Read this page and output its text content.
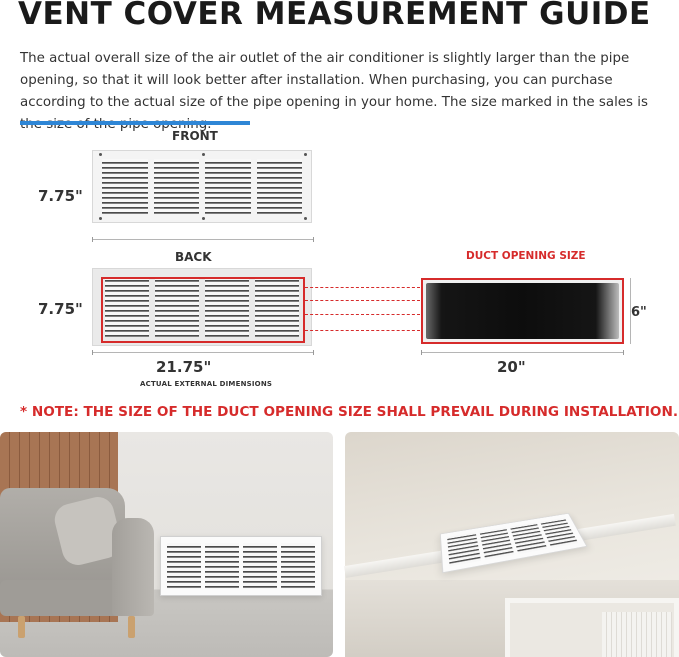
VENT COVER MEASUREMENT GUIDE
The actual overall size of the air outlet of the air conditioner is slightly larger than the pipe opening, so that it will look better after installation. When purchasing, you can purchase according to the actual size of the pipe opening in your home. The size marked in the sales is
FRONT
7.75"
BACK
7.75"
21.75"
ACTUAL EXTERNAL DIMENSIONS
DUCT OPENING SIZE
6"
20"
* NOTE: THE SIZE OF THE DUCT OPENING SIZE SHALL PREVAIL DURING INSTALLATION.
